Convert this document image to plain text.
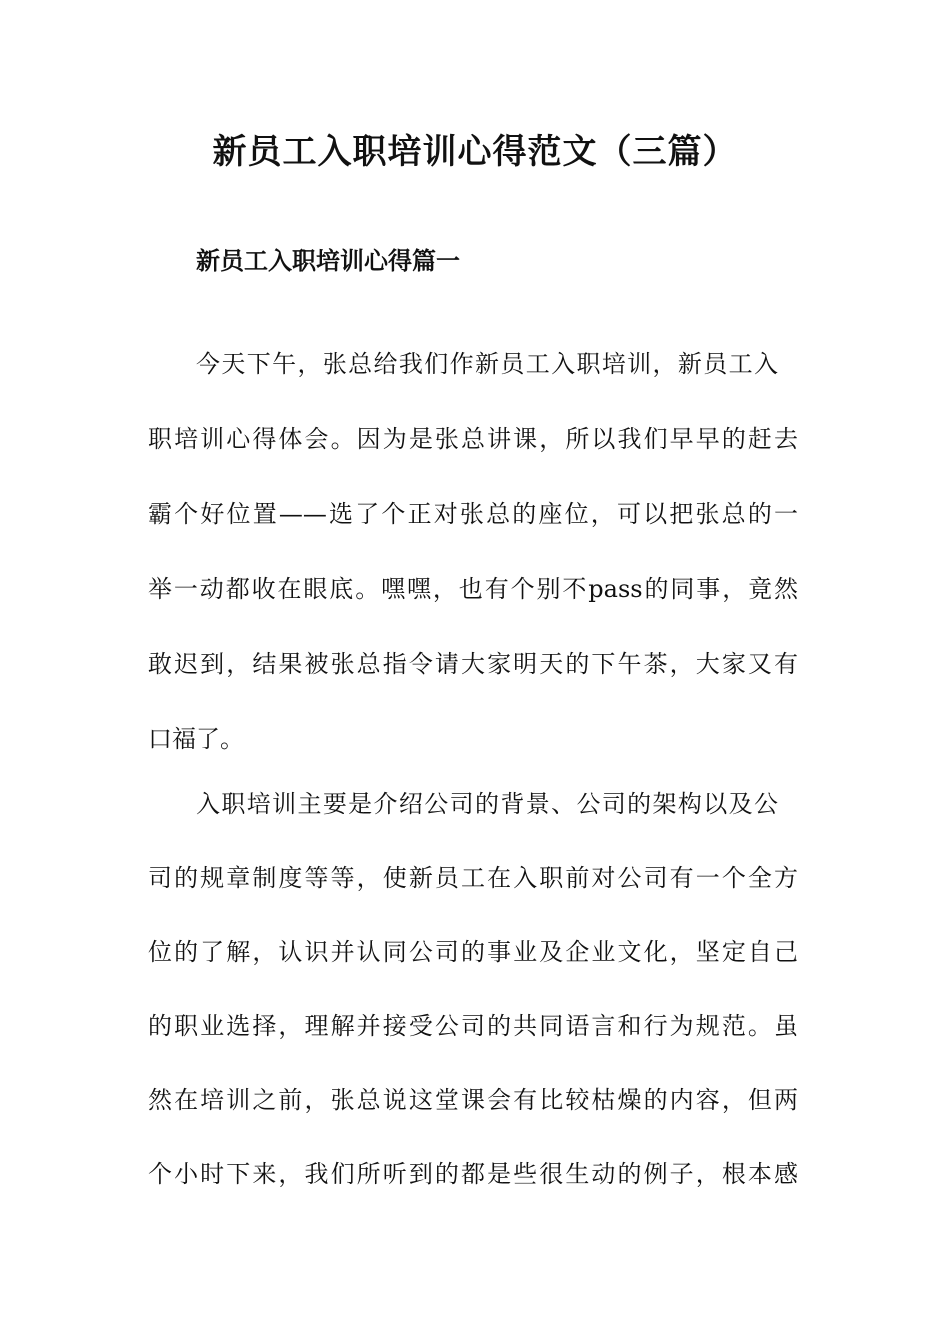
新员工入职培训心得范文（三篇）
新员工入职培训心得篇一

今天下午，张总给我们作新员工入职培训，新员工入

职培训心得体会。因为是张总讲课，所以我们早早的赶去

霸个好位置——选了个正对张总的座位，可以把张总的一

举一动都收在眼底。嘿嘿，也有个别不pass的同事，竟然

敢迟到，结果被张总指令请大家明天的下午茶，大家又有

口福了。

入职培训主要是介绍公司的背景、公司的架构以及公

司的规章制度等等，使新员工在入职前对公司有一个全方

位的了解，认识并认同公司的事业及企业文化，坚定自己

的职业选择，理解并接受公司的共同语言和行为规范。虽

然在培训之前，张总说这堂课会有比较枯燥的内容，但两

个小时下来，我们所听到的都是些很生动的例子，根本感
